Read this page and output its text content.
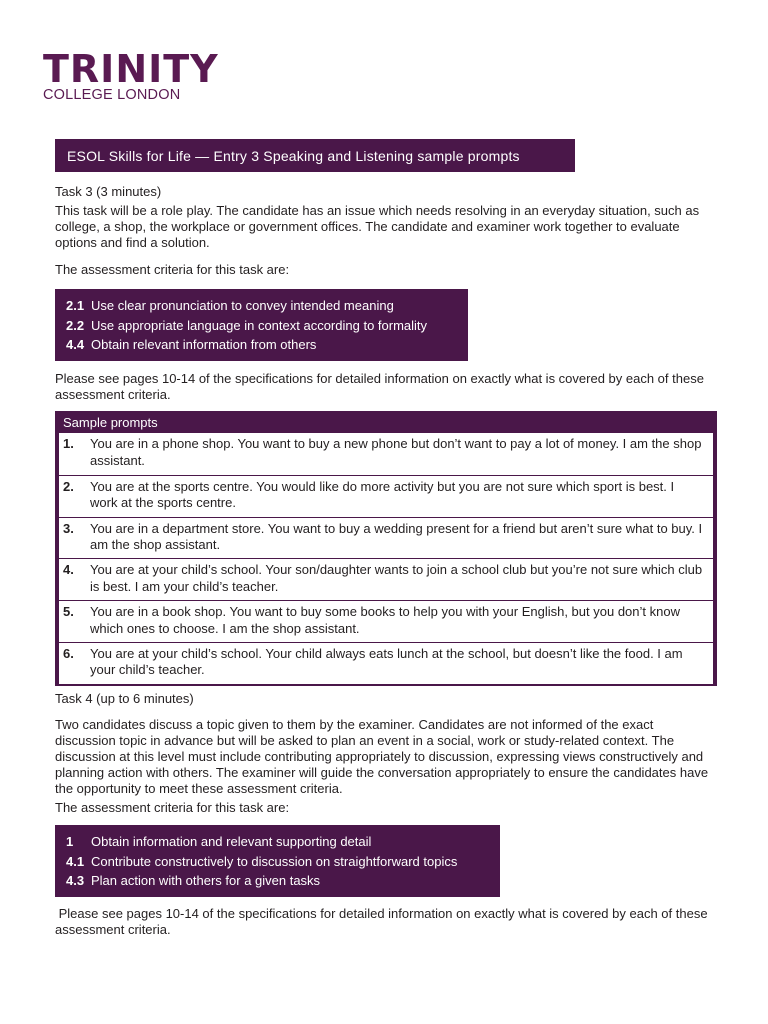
TRINITY
COLLEGE LONDON
ESOL Skills for Life — Entry 3 Speaking and Listening sample prompts
Task 3 (3 minutes)
This task will be a role play. The candidate has an issue which needs resolving in an everyday situation, such as college, a shop, the workplace or government offices. The candidate and examiner work together to evaluate options and find a solution.
The assessment criteria for this task are:
2.1 Use clear pronunciation to convey intended meaning
2.2 Use appropriate language in context according to formality
4.4 Obtain relevant information from others
Please see pages 10-14 of the specifications for detailed information on exactly what is covered by each of these assessment criteria.
Sample prompts
1.	You are in a phone shop. You want to buy a new phone but don’t want to pay a lot of money. I am the shop assistant.
2.	You are at the sports centre. You would like do more activity but you are not sure which sport is best. I work at the sports centre.
3.	You are in a department store. You want to buy a wedding present for a friend but aren’t sure what to buy. I am the shop assistant.
4.	You are at your child’s school. Your son/daughter wants to join a school club but you’re not sure which club is best. I am your child’s teacher.
5.	You are in a book shop. You want to buy some books to help you with your English, but you don’t know which ones to choose. I am the shop assistant.
6.	You are at your child’s school. Your child always eats lunch at the school, but doesn’t like the food. I am your child’s teacher.
Task 4 (up to 6 minutes)
Two candidates discuss a topic given to them by the examiner. Candidates are not informed of the exact discussion topic in advance but will be asked to plan an event in a social, work or study-related context. The discussion at this level must include contributing appropriately to discussion, expressing views constructively and planning action with others. The examiner will guide the conversation appropriately to ensure the candidates have the opportunity to meet these assessment criteria.
The assessment criteria for this task are:
1	Obtain information and relevant supporting detail
4.1 Contribute constructively to discussion on straightforward topics
4.3 Plan action with others for a given tasks
Please see pages 10-14 of the specifications for detailed information on exactly what is covered by each of these assessment criteria.
